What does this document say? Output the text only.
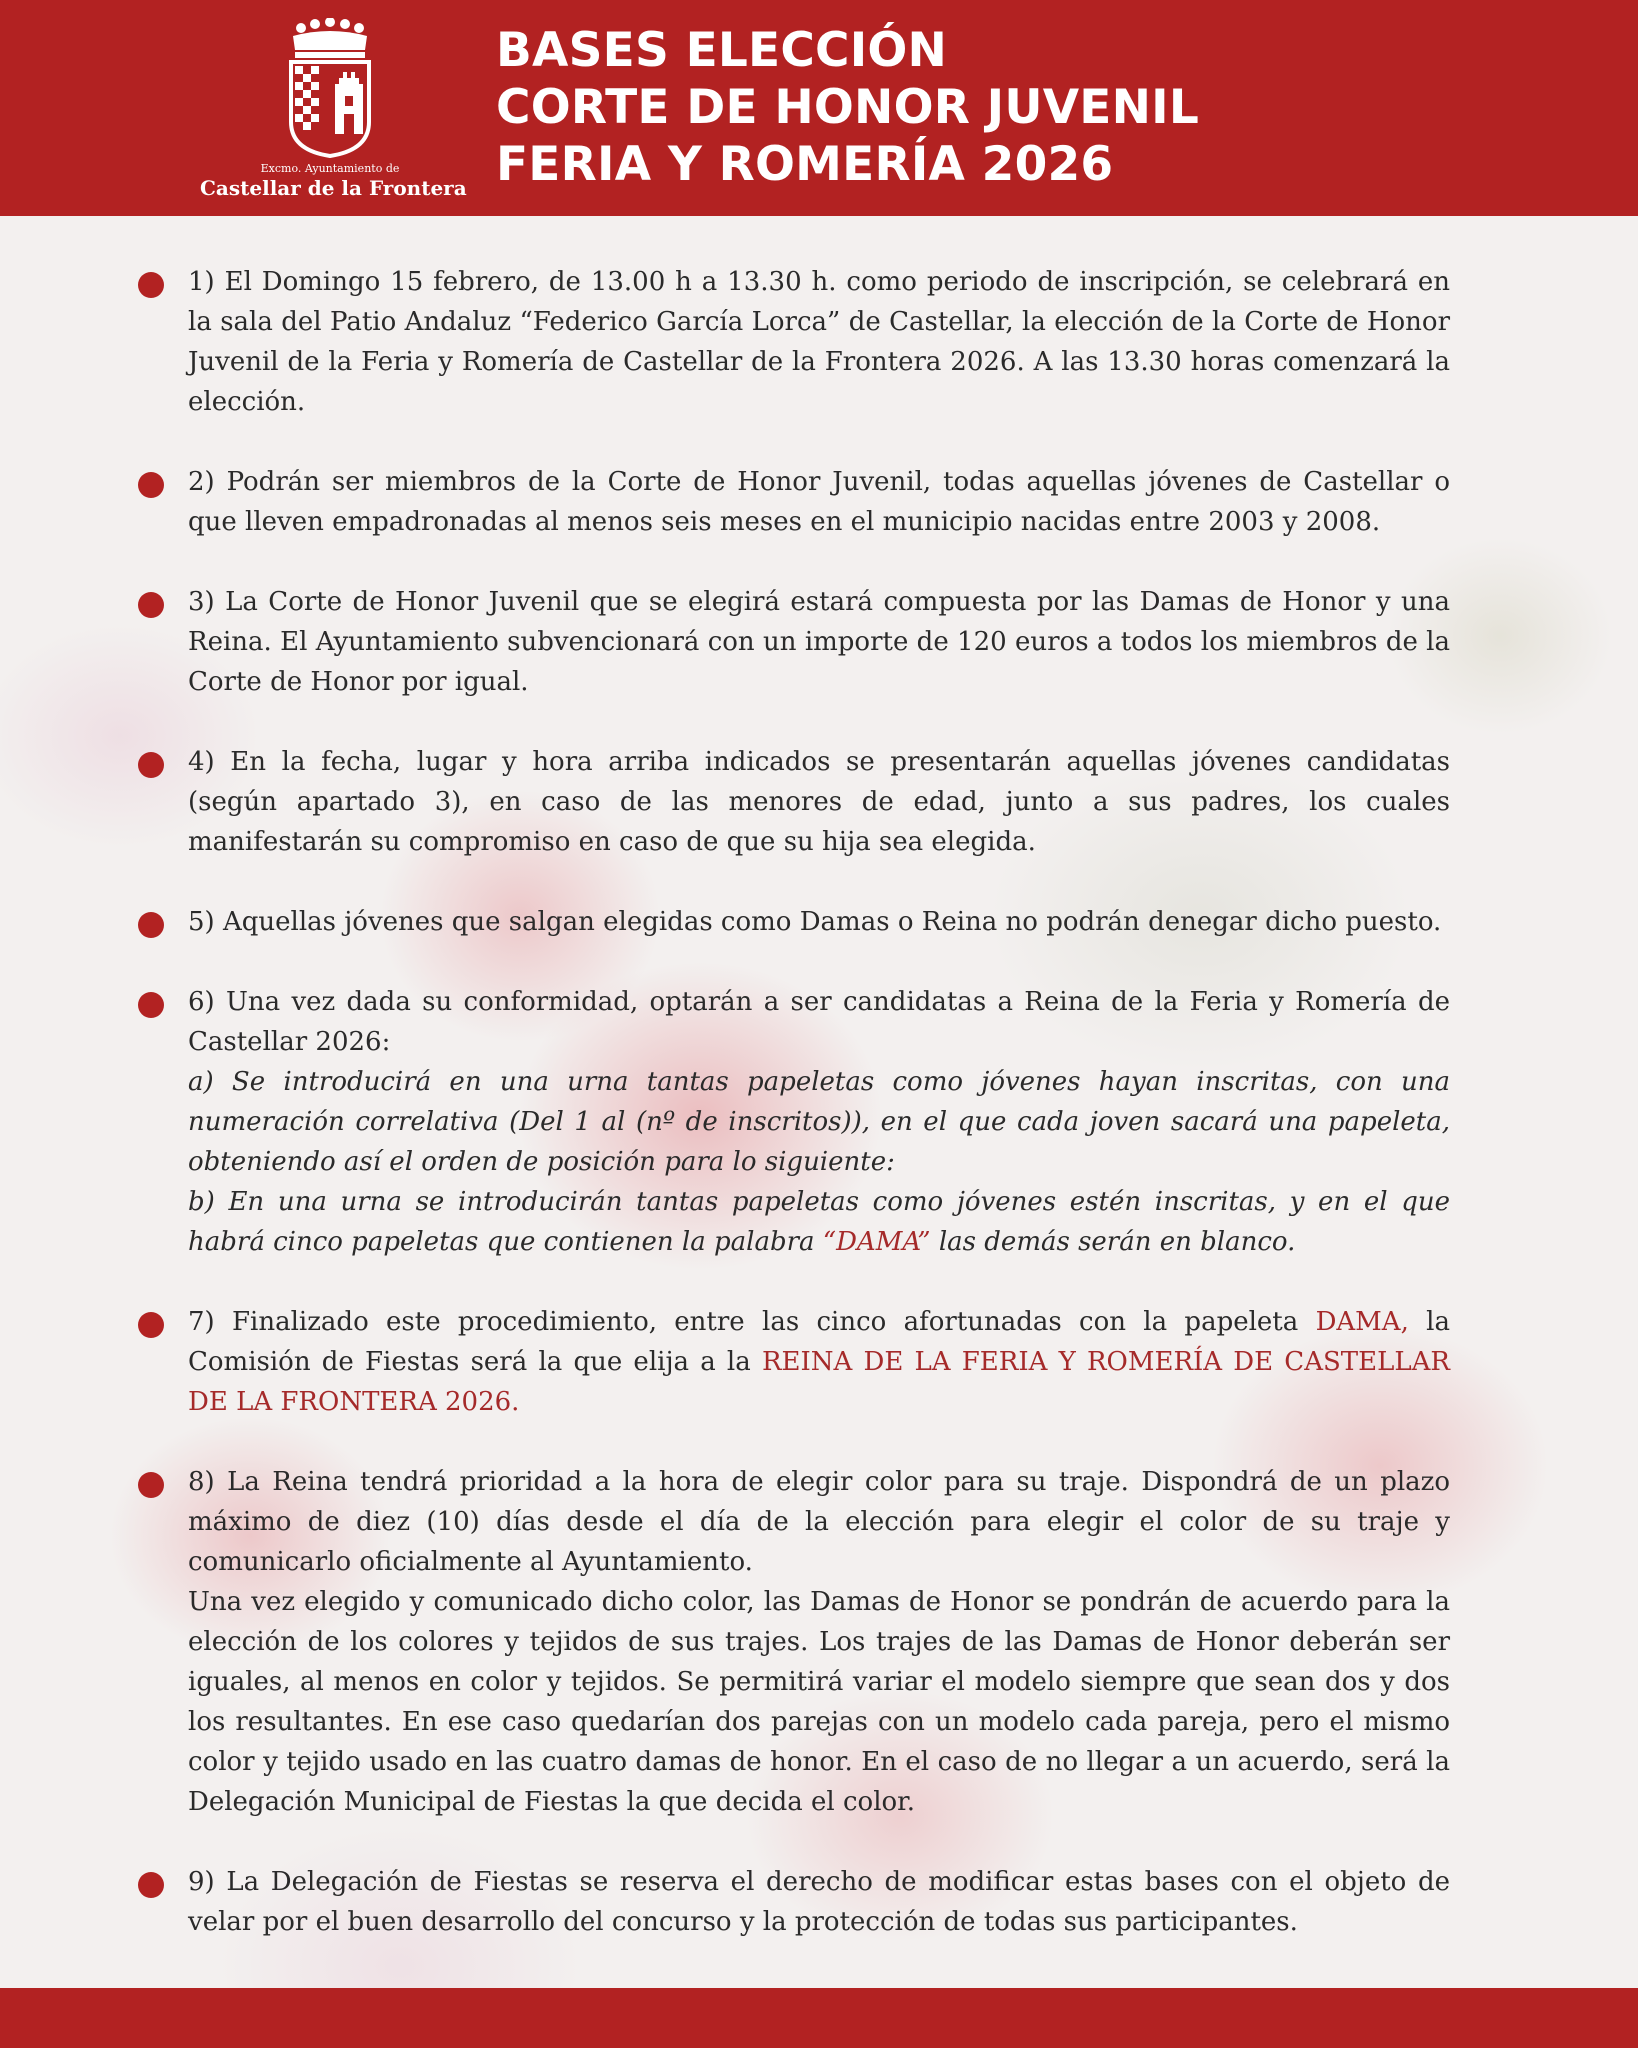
Excmo. Ayuntamiento de
Castellar de la Frontera
BASES ELECCIÓN
CORTE DE HONOR JUVENIL
FERIA Y ROMERÍA 2026

1) El Domingo 15 febrero, de 13.00 h a 13.30 h. como periodo de inscripción, se celebrará en la sala del Patio Andaluz “Federico García Lorca” de Castellar, la elección de la Corte de Honor Juvenil de la Feria y Romería de Castellar de la Frontera 2026. A las 13.30 horas comenzará la elección.

2) Podrán ser miembros de la Corte de Honor Juvenil, todas aquellas jóvenes de Castellar o que lleven empadronadas al menos seis meses en el municipio nacidas entre 2003 y 2008.

3) La Corte de Honor Juvenil que se elegirá estará compuesta por las Damas de Honor y una Reina. El Ayuntamiento subvencionará con un importe de 120 euros a todos los miembros de la Corte de Honor por igual.

4) En la fecha, lugar y hora arriba indicados se presentarán aquellas jóvenes candidatas (según apartado 3), en caso de las menores de edad, junto a sus padres, los cuales manifestarán su compromiso en caso de que su hija sea elegida.

5) Aquellas jóvenes que salgan elegidas como Damas o Reina no podrán denegar dicho puesto.

6) Una vez dada su conformidad, optarán a ser candidatas a Reina de la Feria y Romería de Castellar 2026:

a) Se introducirá en una urna tantas papeletas como jóvenes hayan inscritas, con una numeración correlativa (Del 1 al (nº de inscritos)), en el que cada joven sacará una papeleta, obteniendo así el orden de posición para lo siguiente:

b) En una urna se introducirán tantas papeletas como jóvenes estén inscritas, y en el que habrá cinco papeletas que contienen la palabra “DAMA” las demás serán en blanco.

7) Finalizado este procedimiento, entre las cinco afortunadas con la papeleta DAMA, la Comisión de Fiestas será la que elija a la REINA DE LA FERIA Y ROMERÍA DE CASTELLAR DE LA FRONTERA 2026.

8) La Reina tendrá prioridad a la hora de elegir color para su traje. Dispondrá de un plazo máximo de diez (10) días desde el día de la elección para elegir el color de su traje y comunicarlo oficialmente al Ayuntamiento.

Una vez elegido y comunicado dicho color, las Damas de Honor se pondrán de acuerdo para la elección de los colores y tejidos de sus trajes. Los trajes de las Damas de Honor deberán ser iguales, al menos en color y tejidos. Se permitirá variar el modelo siempre que sean dos y dos los resultantes. En ese caso quedarían dos parejas con un modelo cada pareja, pero el mismo color y tejido usado en las cuatro damas de honor. En el caso de no llegar a un acuerdo, será la Delegación Municipal de Fiestas la que decida el color.

9) La Delegación de Fiestas se reserva el derecho de modificar estas bases con el objeto de velar por el buen desarrollo del concurso y la protección de todas sus participantes.
